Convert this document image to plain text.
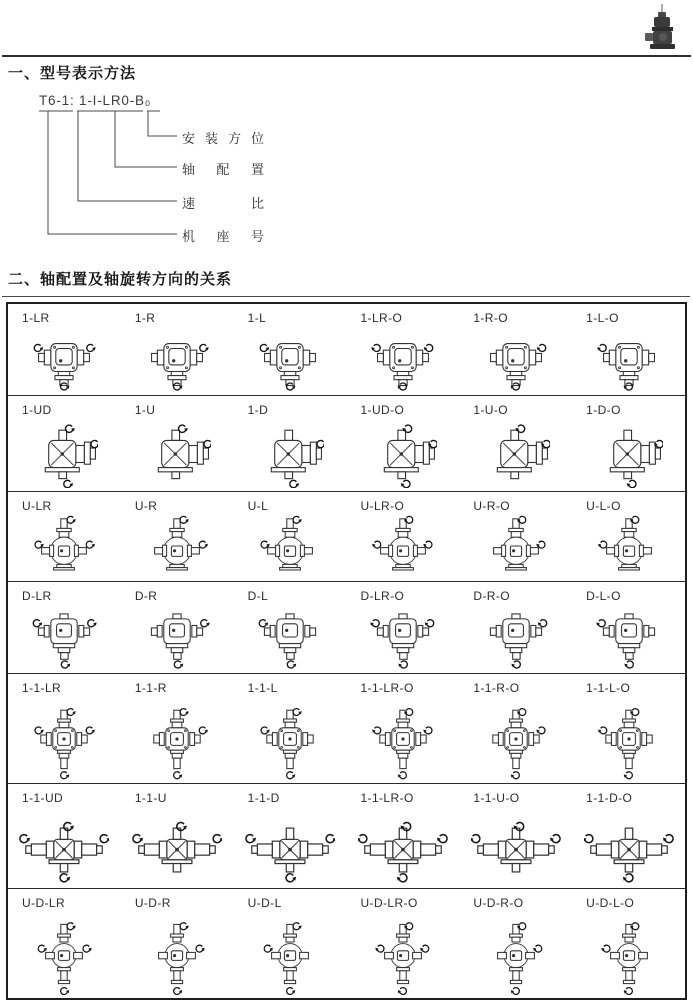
一、型号表示方法
T6-1: 1-I-LR0-B₀
安 装 方 位
轴 配 置
速	比
机 座 号
二、轴配置及轴旋转方向的关系
1-LR	1-R	1-L	1-LR-O	1-R-O	1-L-O
1-UD	1-U	1-D	1-UD-O	1-U-O	1-D-O
U-LR	U-R	U-L	U-LR-O	U-R-O	U-L-O
D-LR	D-R	D-L	D-LR-O	D-R-O	D-L-O
1-1-LR	1-1-R	1-1-L	1-1-LR-O	1-1-R-O	1-1-L-O
1-1-UD	1-1-U	1-1-D	1-1-LR-O	1-1-U-O	1-1-D-O
U-D-LR	U-D-R	U-D-L	U-D-LR-O	U-D-R-O	U-D-L-O
